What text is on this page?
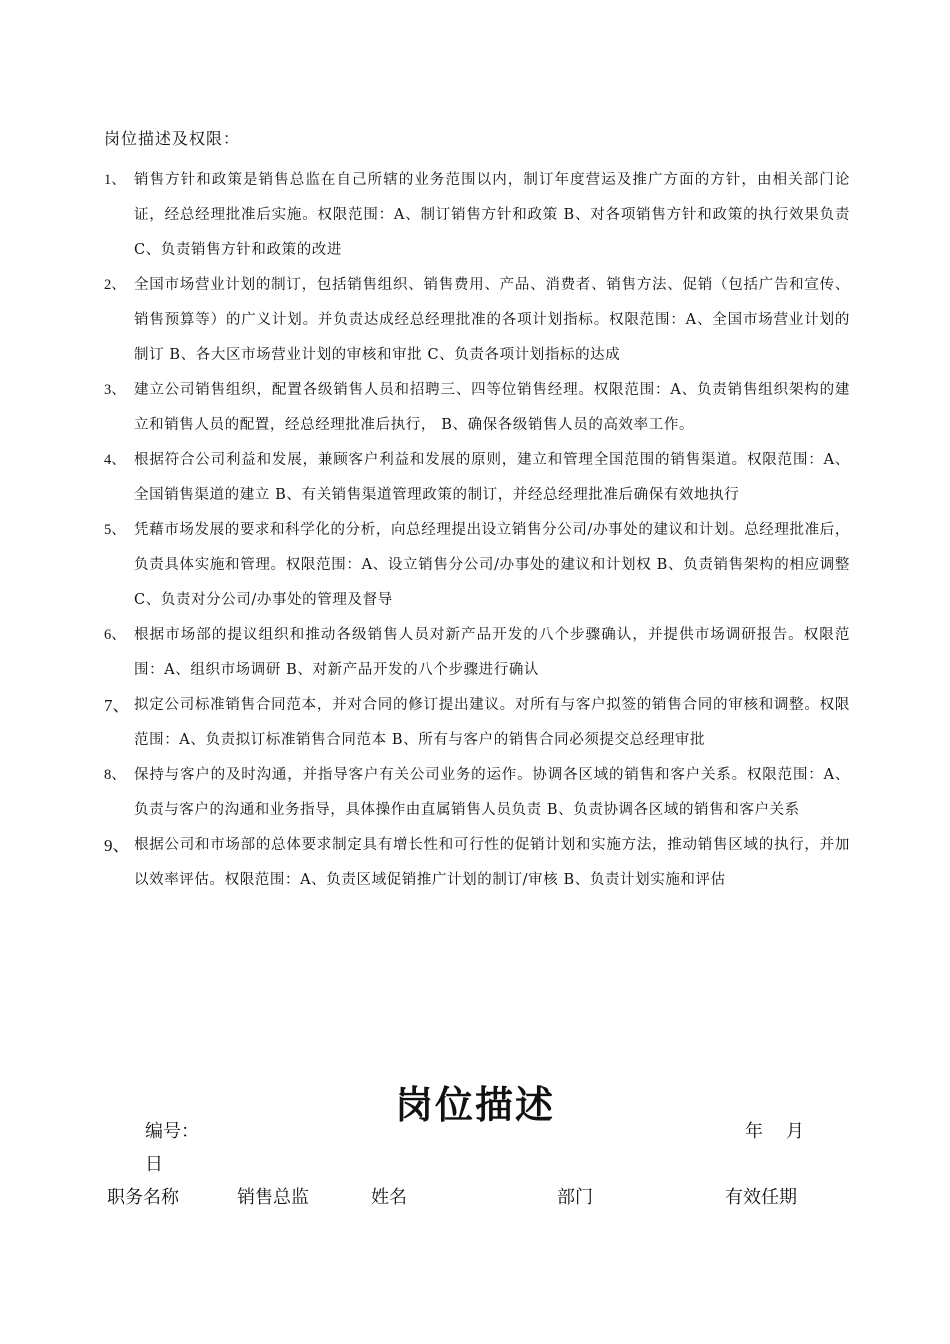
岗位描述及权限：
1、 销售方针和政策是销售总监在自己所辖的业务范围以内，制订年度营运及推广方面的方针，由相关部门论证，经总经理批准后实施。权限范围：A、制订销售方针和政策 B、对各项销售方针和政策的执行效果负责 C、负责销售方针和政策的改进
2、 全国市场营业计划的制订，包括销售组织、销售费用、产品、消费者、销售方法、促销（包括广告和宣传、销售预算等）的广义计划。并负责达成经总经理批准的各项计划指标。权限范围：A、全国市场营业计划的制订 B、各大区市场营业计划的审核和审批 C、负责各项计划指标的达成
3、 建立公司销售组织，配置各级销售人员和招聘三、四等位销售经理。权限范围：A、负责销售组织架构的建立和销售人员的配置，经总经理批准后执行， B、确保各级销售人员的高效率工作。
4、 根据符合公司利益和发展，兼顾客户利益和发展的原则，建立和管理全国范围的销售渠道。权限范围：A、全国销售渠道的建立 B、有关销售渠道管理政策的制订，并经总经理批准后确保有效地执行
5、 凭藉市场发展的要求和科学化的分析，向总经理提出设立销售分公司/办事处的建议和计划。总经理批准后，负责具体实施和管理。权限范围：A、设立销售分公司/办事处的建议和计划权 B、负责销售架构的相应调整 C、负责对分公司/办事处的管理及督导
6、 根据市场部的提议组织和推动各级销售人员对新产品开发的八个步骤确认，并提供市场调研报告。权限范围：A、组织市场调研 B、对新产品开发的八个步骤进行确认
7、 拟定公司标准销售合同范本，并对合同的修订提出建议。对所有与客户拟签的销售合同的审核和调整。权限范围：A、负责拟订标准销售合同范本 B、所有与客户的销售合同必须提交总经理审批
8、 保持与客户的及时沟通，并指导客户有关公司业务的运作。协调各区域的销售和客户关系。权限范围：A、负责与客户的沟通和业务指导，具体操作由直属销售人员负责 B、负责协调各区域的销售和客户关系
9、 根据公司和市场部的总体要求制定具有增长性和可行性的促销计划和实施方法，推动销售区域的执行，并加以效率评估。权限范围：A、负责区域促销推广计划的制订/审核 B、负责计划实施和评估
岗位描述
编号：	年 月
日
职务名称	销售总监	姓名	部门	有效任期
